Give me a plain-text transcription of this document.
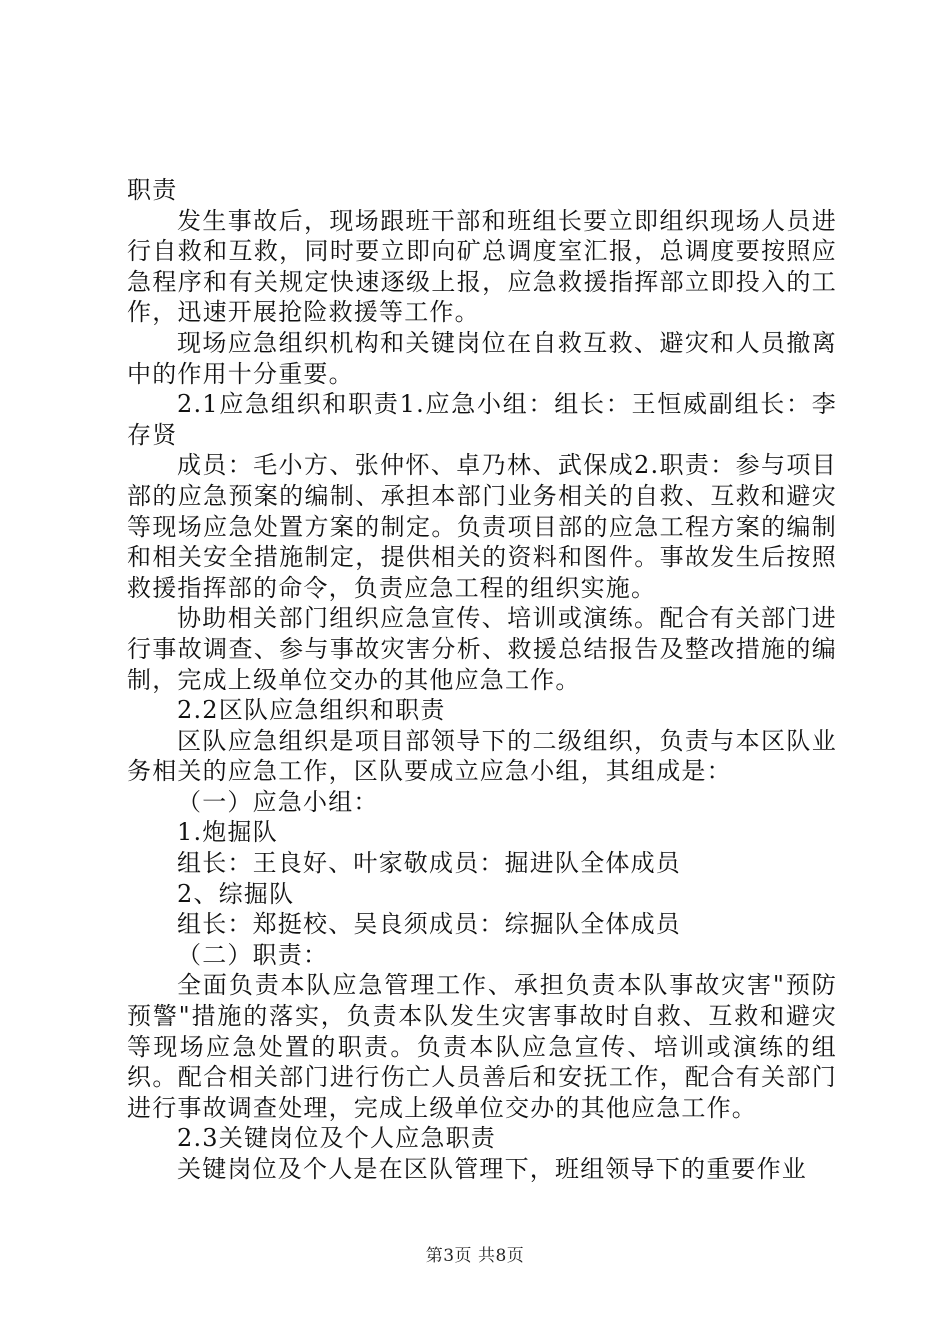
职责

发生事故后，现场跟班干部和班组长要立即组织现场人员进行自救和互救，同时要立即向矿总调度室汇报，总调度要按照应急程序和有关规定快速逐级上报，应急救援指挥部立即投入的工作，迅速开展抢险救援等工作。

现场应急组织机构和关键岗位在自救互救、避灾和人员撤离中的作用十分重要。

2.1应急组织和职责1.应急小组：组长：王恒威副组长：李存贤

成员：毛小方、张仲怀、卓乃林、武保成2.职责：参与项目部的应急预案的编制、承担本部门业务相关的自救、互救和避灾等现场应急处置方案的制定。负责项目部的应急工程方案的编制和相关安全措施制定，提供相关的资料和图件。事故发生后按照救援指挥部的命令，负责应急工程的组织实施。

协助相关部门组织应急宣传、培训或演练。配合有关部门进行事故调查、参与事故灾害分析、救援总结报告及整改措施的编制，完成上级单位交办的其他应急工作。

2.2区队应急组织和职责

区队应急组织是项目部领导下的二级组织，负责与本区队业务相关的应急工作，区队要成立应急小组，其组成是：

（一）应急小组：

1.炮掘队

组长：王良好、叶家敬成员：掘进队全体成员

2、综掘队

组长：郑挺校、吴良须成员：综掘队全体成员

（二）职责：

全面负责本队应急管理工作、承担负责本队事故灾害"预防预警"措施的落实，负责本队发生灾害事故时自救、互救和避灾等现场应急处置的职责。负责本队应急宣传、培训或演练的组织。配合相关部门进行伤亡人员善后和安抚工作，配合有关部门进行事故调查处理，完成上级单位交办的其他应急工作。

2.3关键岗位及个人应急职责

关键岗位及个人是在区队管理下，班组领导下的重要作业

第3页 共8页
